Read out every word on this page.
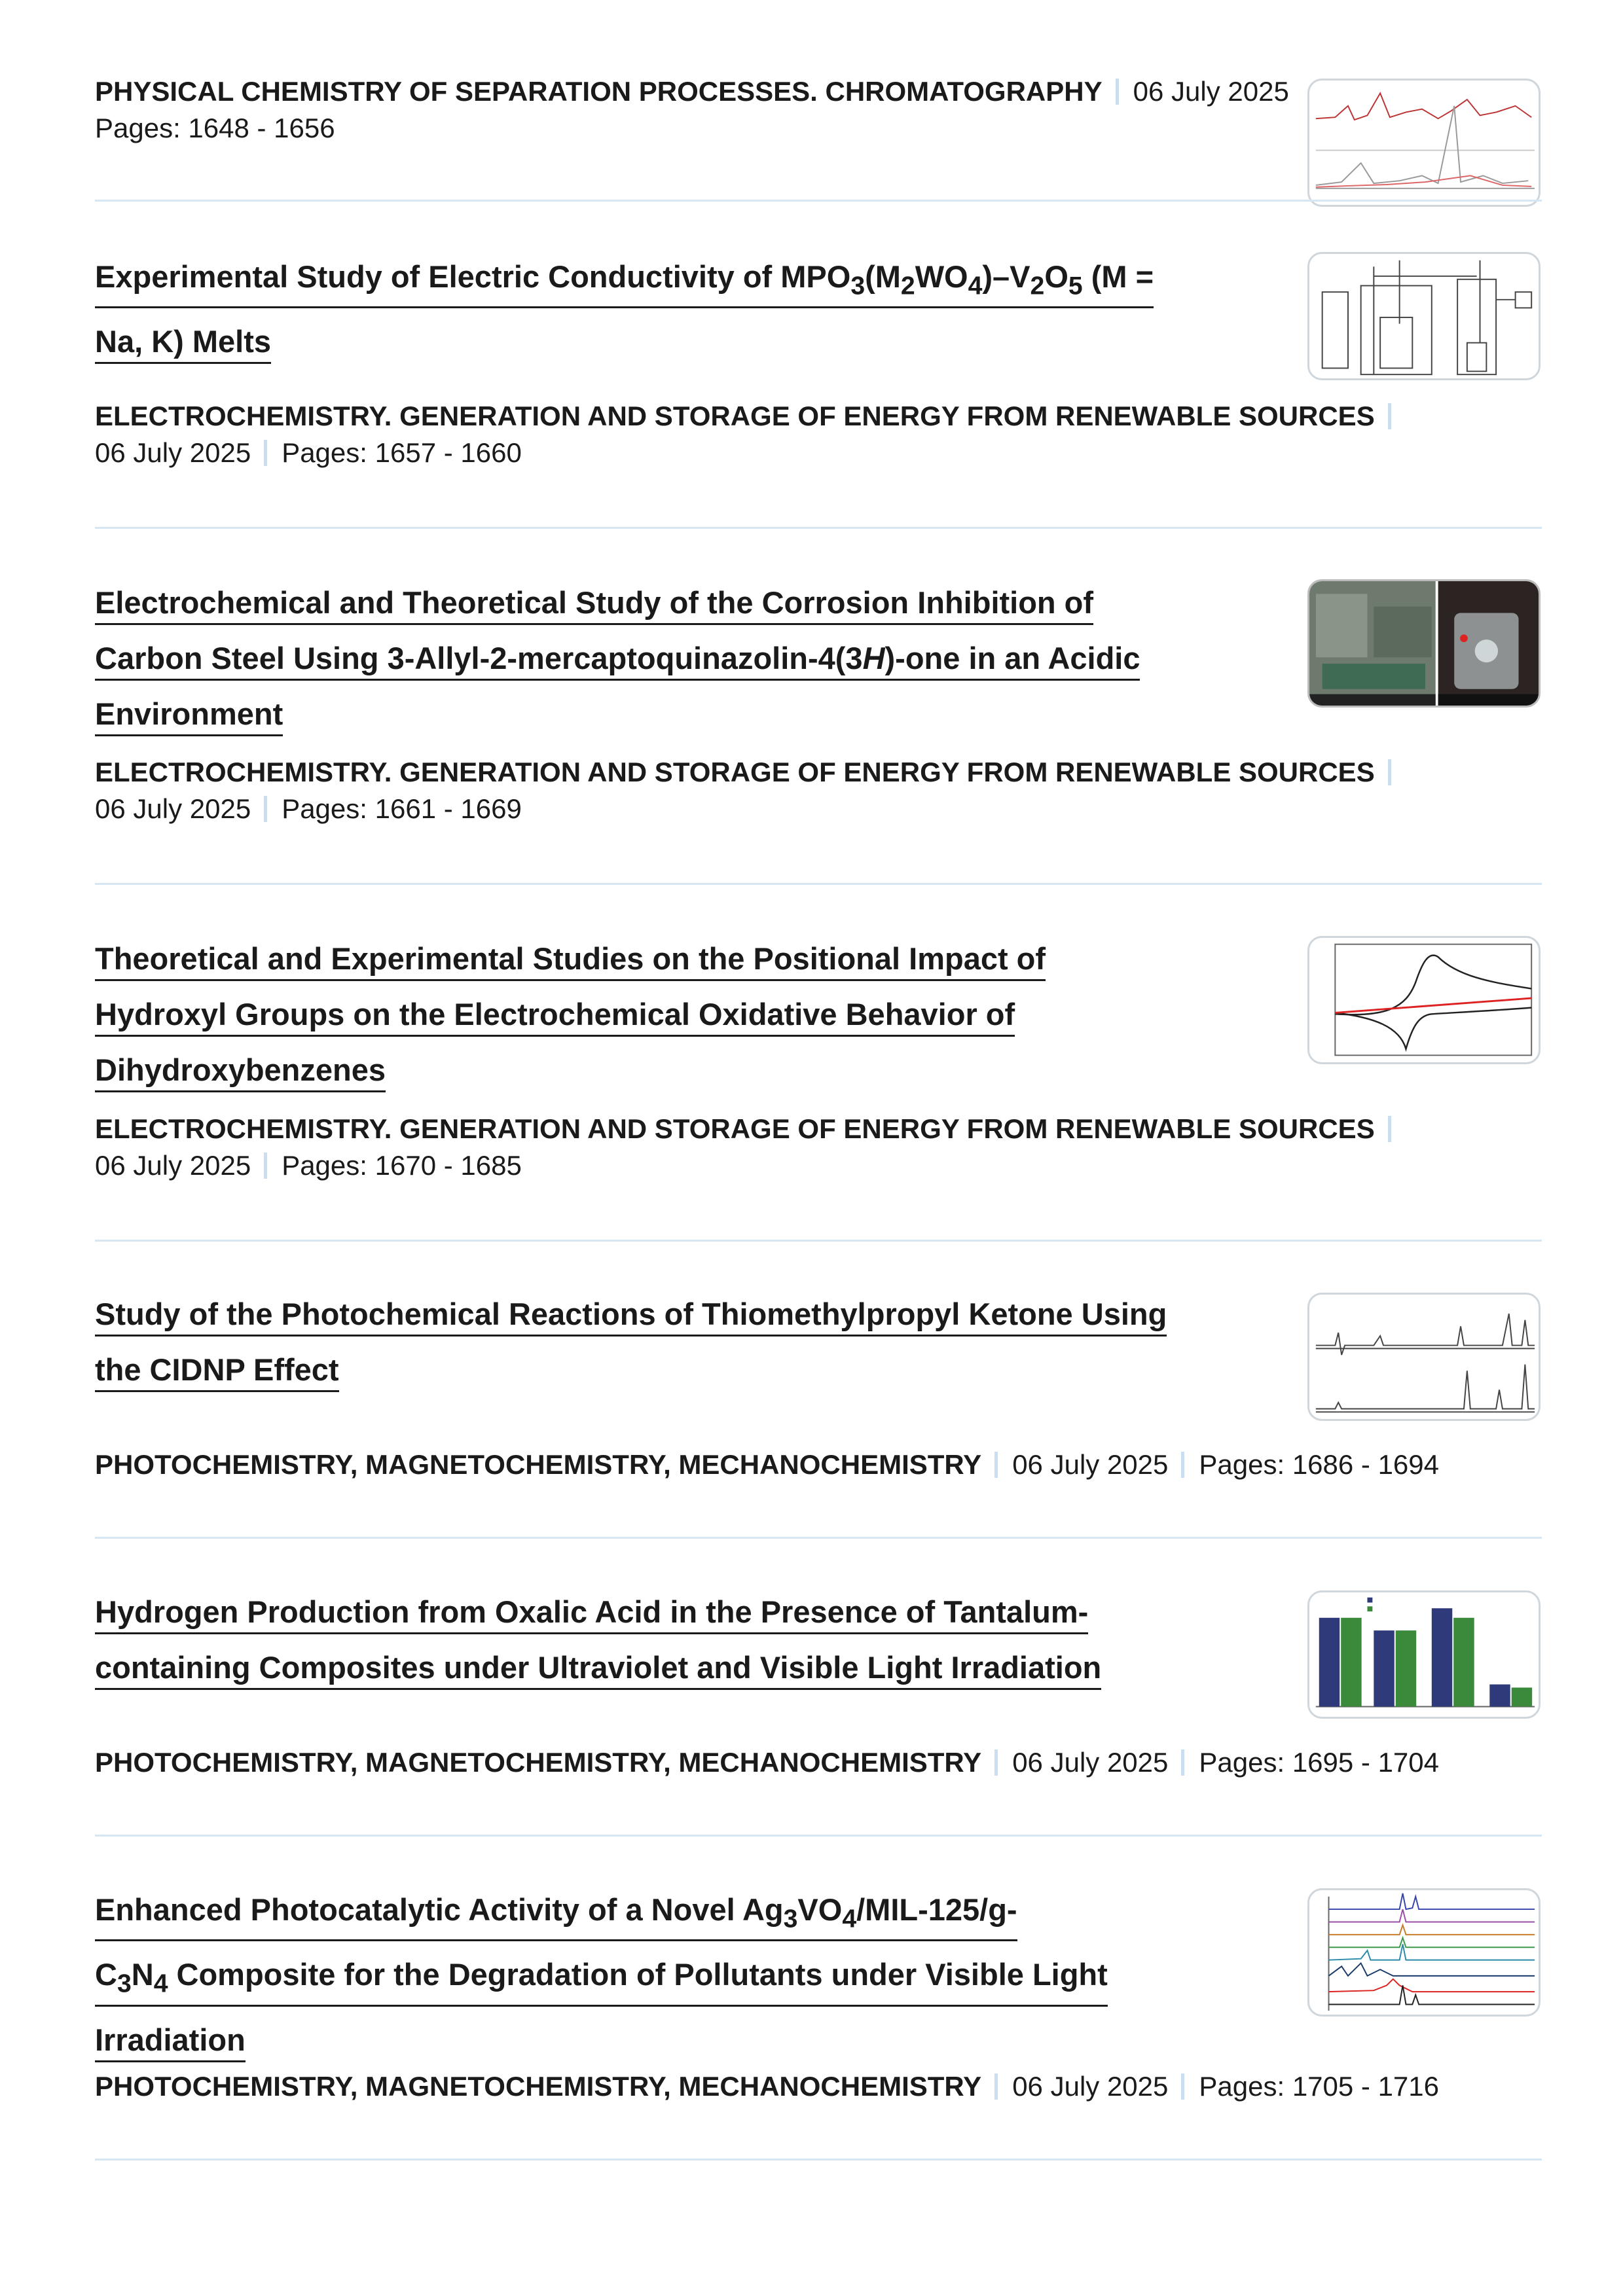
PHYSICAL CHEMISTRY OF SEPARATION PROCESSES. CHROMATOGRAPHY 06 July 2025
Pages: 1648 - 1656
Experimental Study of Electric Conductivity of $MPO_3(M_2WO_4)-V_2O_5$ (M =
Na, K) Melts
ELECTROCHEMISTRY. GENERATION AND STORAGE OF ENERGY FROM RENEWABLE SOURCES
06 July 2025 Pages: 1657 - 1660
Electrochemical and Theoretical Study of the Corrosion Inhibition of
Carbon Steel Using 3-Allyl-2-mercaptoquinazolin-4(3H)-one in an Acidic
Environment
ELECTROCHEMISTRY. GENERATION AND STORAGE OF ENERGY FROM RENEWABLE SOURCES
06 July 2025 Pages: 1661 - 1669
Theoretical and Experimental Studies on the Positional Impact of
Hydroxyl Groups on the Electrochemical Oxidative Behavior of
Dihydroxybenzenes
ELECTROCHEMISTRY. GENERATION AND STORAGE OF ENERGY FROM RENEWABLE SOURCES
06 July 2025 Pages: 1670 - 1685
Study of the Photochemical Reactions of Thiomethylpropyl Ketone Using
the CIDNP Effect
PHOTOCHEMISTRY, MAGNETOCHEMISTRY, MECHANOCHEMISTRY 06 July 2025 Pages: 1686 - 1694
Hydrogen Production from Oxalic Acid in the Presence of Tantalum-
containing Composites under Ultraviolet and Visible Light Irradiation
PHOTOCHEMISTRY, MAGNETOCHEMISTRY, MECHANOCHEMISTRY 06 July 2025 Pages: 1695 - 1704
Enhanced Photocatalytic Activity of a Novel $Ag_3VO_4/MIL-125/g-$
$C_3N_4$ Composite for the Degradation of Pollutants under Visible Light
Irradiation
PHOTOCHEMISTRY, MAGNETOCHEMISTRY, MECHANOCHEMISTRY 06 July 2025 Pages: 1705 - 1716
